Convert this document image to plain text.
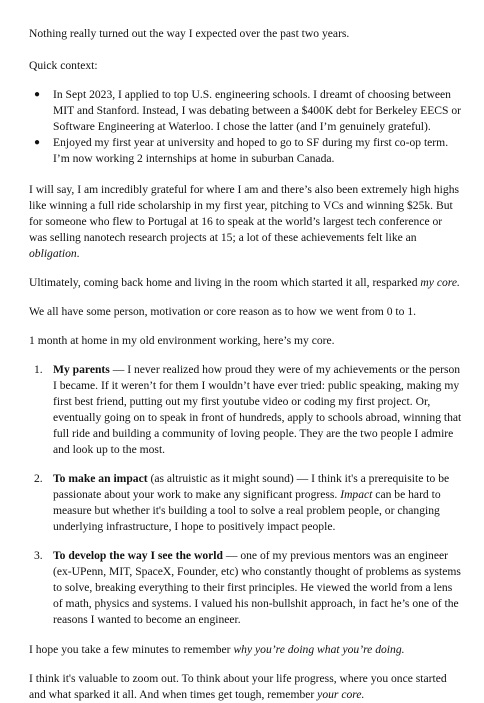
Nothing really turned out the way I expected over the past two years.

Quick context:

● In Sept 2023, I applied to top U.S. engineering schools. I dreamt of choosing between MIT and Stanford. Instead, I was debating between a $400K debt for Berkeley EECS or Software Engineering at Waterloo. I chose the latter (and I’m genuinely grateful).
● Enjoyed my first year at university and hoped to go to SF during my first co-op term. I’m now working 2 internships at home in suburban Canada.

I will say, I am incredibly grateful for where I am and there’s also been extremely high highs like winning a full ride scholarship in my first year, pitching to VCs and winning $25k. But for someone who flew to Portugal at 16 to speak at the world’s largest tech conference or was selling nanotech research projects at 15; a lot of these achievements felt like an obligation.

Ultimately, coming back home and living in the room which started it all, resparked my core.

We all have some person, motivation or core reason as to how we went from 0 to 1.

1 month at home in my old environment working, here’s my core.

1. My parents — I never realized how proud they were of my achievements or the person I became. If it weren’t for them I wouldn’t have ever tried: public speaking, making my first best friend, putting out my first youtube video or coding my first project. Or, eventually going on to speak in front of hundreds, apply to schools abroad, winning that full ride and building a community of loving people. They are the two people I admire and look up to the most.
2. To make an impact (as altruistic as it might sound) — I think it's a prerequisite to be passionate about your work to make any significant progress. Impact can be hard to measure but whether it's building a tool to solve a real problem people, or changing underlying infrastructure, I hope to positively impact people.
3. To develop the way I see the world — one of my previous mentors was an engineer (ex-UPenn, MIT, SpaceX, Founder, etc) who constantly thought of problems as systems to solve, breaking everything to their first principles. He viewed the world from a lens of math, physics and systems. I valued his non-bullshit approach, in fact he’s one of the reasons I wanted to become an engineer.

I hope you take a few minutes to remember why you’re doing what you’re doing.

I think it's valuable to zoom out. To think about your life progress, where you once started and what sparked it all. And when times get tough, remember your core.
